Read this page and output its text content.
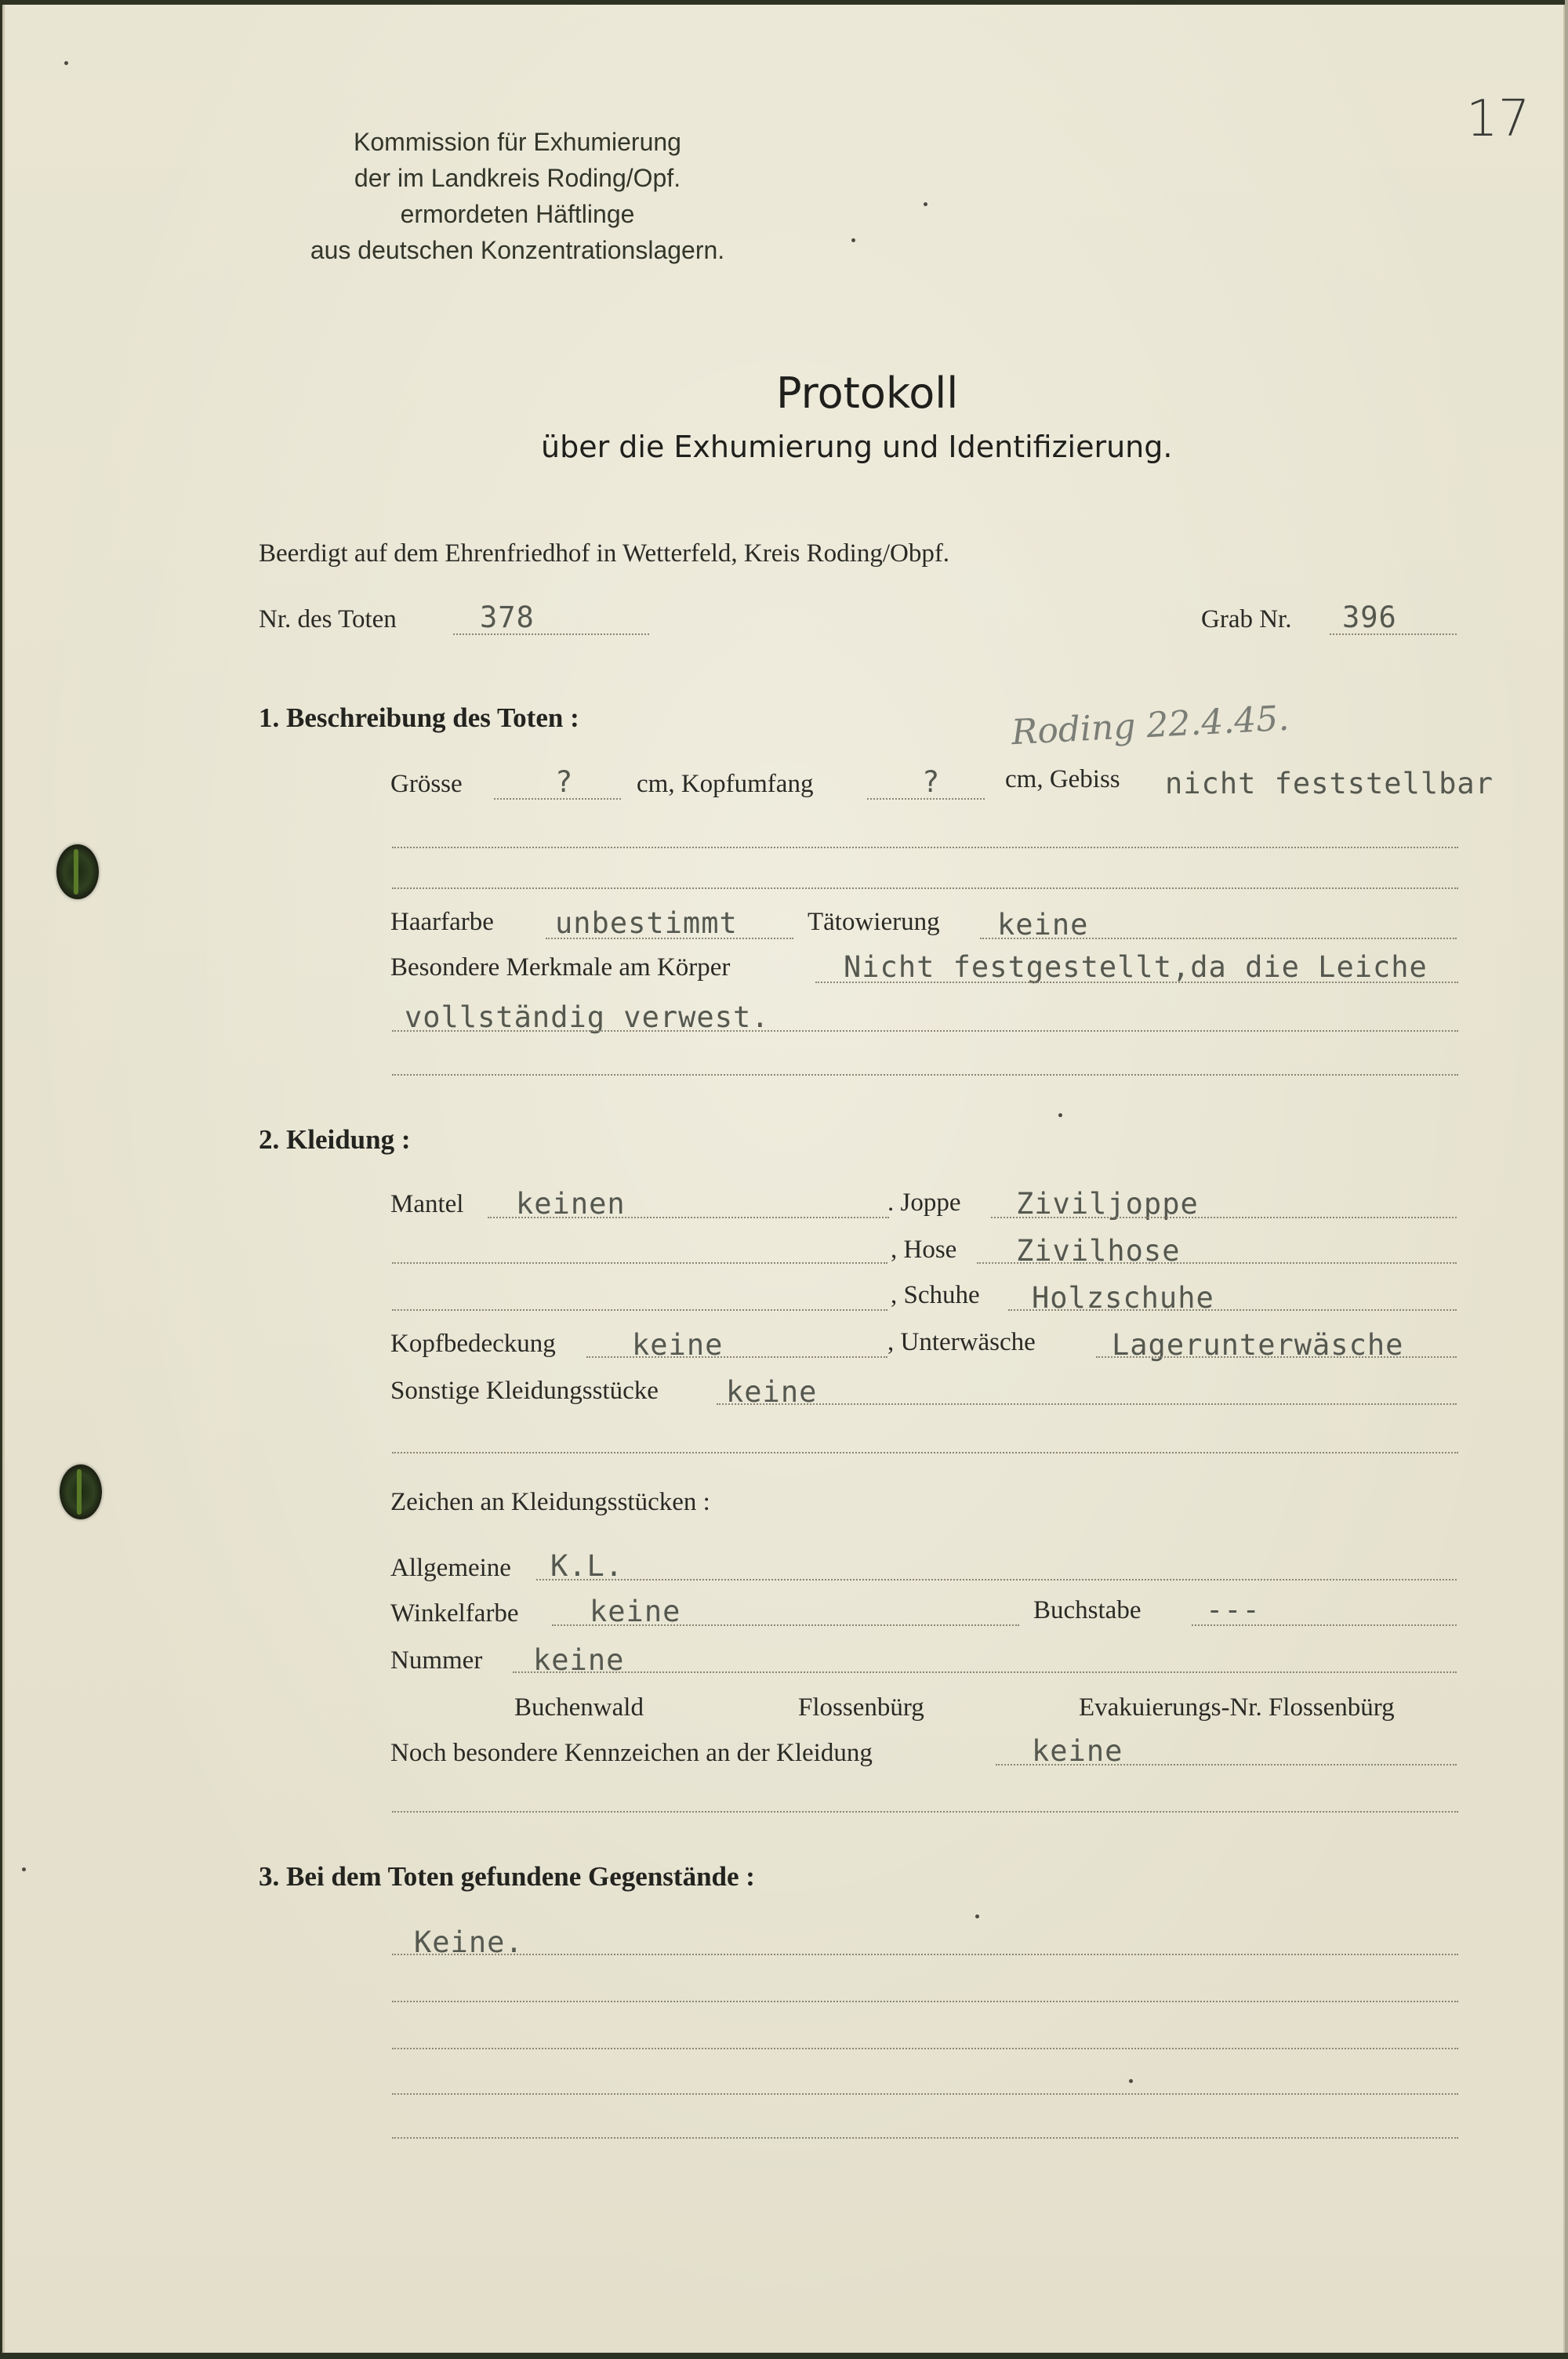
Kommission für Exhumierung
der im Landkreis Roding/Opf.
ermordeten Häftlinge
aus deutschen Konzentrationslagern.
17
Protokoll
über die Exhumierung und Identifizierung.
Beerdigt auf dem Ehrenfriedhof in Wetterfeld, Kreis Roding/Obpf.
Nr. des Toten	378	Grab Nr. 396
1. Beschreibung des Toten :	Roding 22.4.45.
Grösse	? cm, Kopfumfang	?	cm, Gebiss nicht feststellbar
Haarfarbe unbestimmt	Tätowierung keine
Besondere Merkmale am Körper	Nicht festgestellt,da die Leiche
vollständig verwest.
2. Kleidung :
Mantel keinen	. Joppe Ziviljoppe
, Hose Zivilhose
, Schuhe Holzschuhe
Kopfbedeckung	keine	, Unterwäsche	Lagerunterwäsche
Sonstige Kleidungsstücke keine
Zeichen an Kleidungsstücken :
Allgemeine K.L.
Winkelfarbe keine	Buchstabe ---
Nummer keine
Buchenwald	Flossenbürg	Evakuierungs-Nr. Flossenbürg
Noch besondere Kennzeichen an der Kleidung	keine
3. Bei dem Toten gefundene Gegenstände :
Keine.
